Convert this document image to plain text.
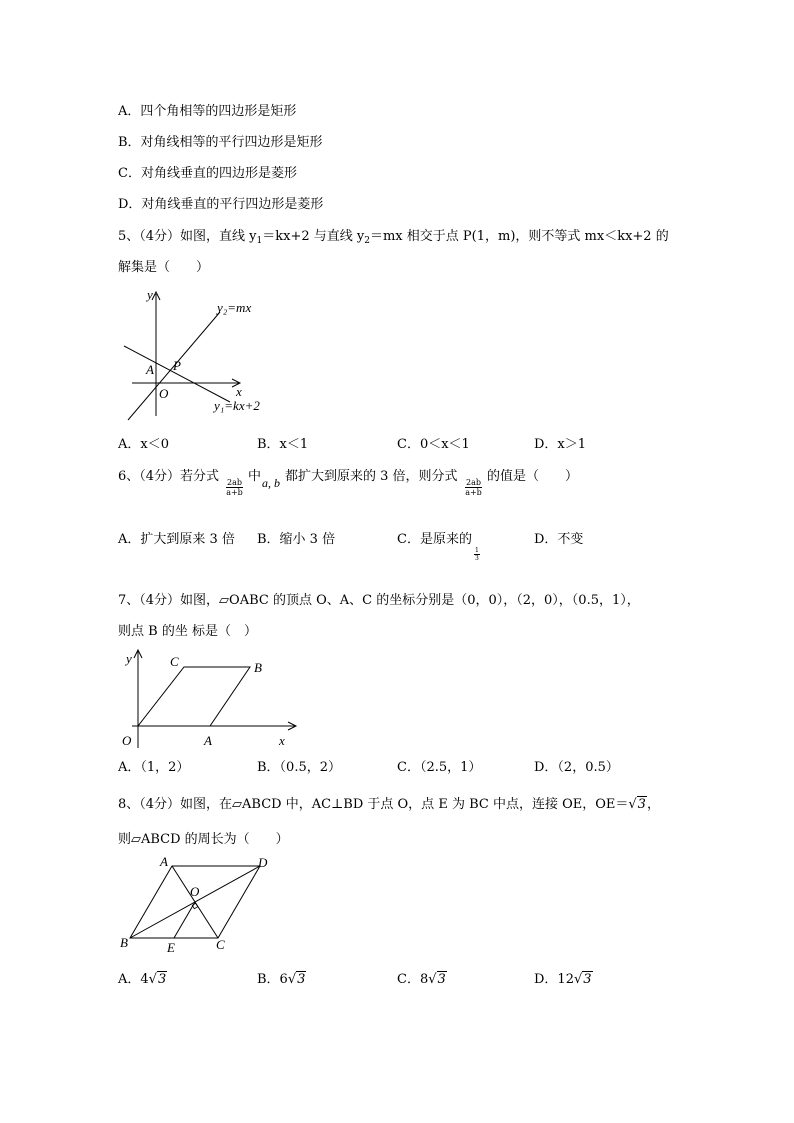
A．四个角相等的四边形是矩形
B．对角线相等的平行四边形是矩形
C．对角线垂直的四边形是菱形
D．对角线垂直的平行四边形是菱形
5、（4分）如图，直线 $y_1=kx+2$ 与直线 $y_2=mx$ 相交于点 P(1，m)，则不等式 mx＜kx+2 的
解集是（　　）
y
x
O
A P
y₂=mx
y₁=kx+2
A．x＜0	B．x＜1	C．0＜x＜1	D．x＞1
6、（4分）若分式
$\frac{2ab}{a+b}$
中 a, b 都扩大到原来的 3 倍，则分式
$\frac{2ab}{a+b}$
的值是（　　）
A．扩大到原来 3 倍 B．缩小 3 倍	C．是原来的
$\frac{1}{3}$
D．不变
7、（4分）如图，▱OABC 的顶点 O、A、C 的坐标分别是（0，0），（2，0），（0.5，1），
则点 B 的坐 标是（　）
y
x
O	A
B
C
A．（1，2）	B．（0.5，2）	C．（2.5，1）	D．（2，0.5）
8、（4分）如图，在▱ABCD 中，AC⊥BD 于点 O，点 E 为 BC 中点，连接 OE，OE＝√3，
则▱ABCD 的周长为（　　）
A	D
B	C
O
E
A．4√3	B．6√3	C．8√3	D．12√3
